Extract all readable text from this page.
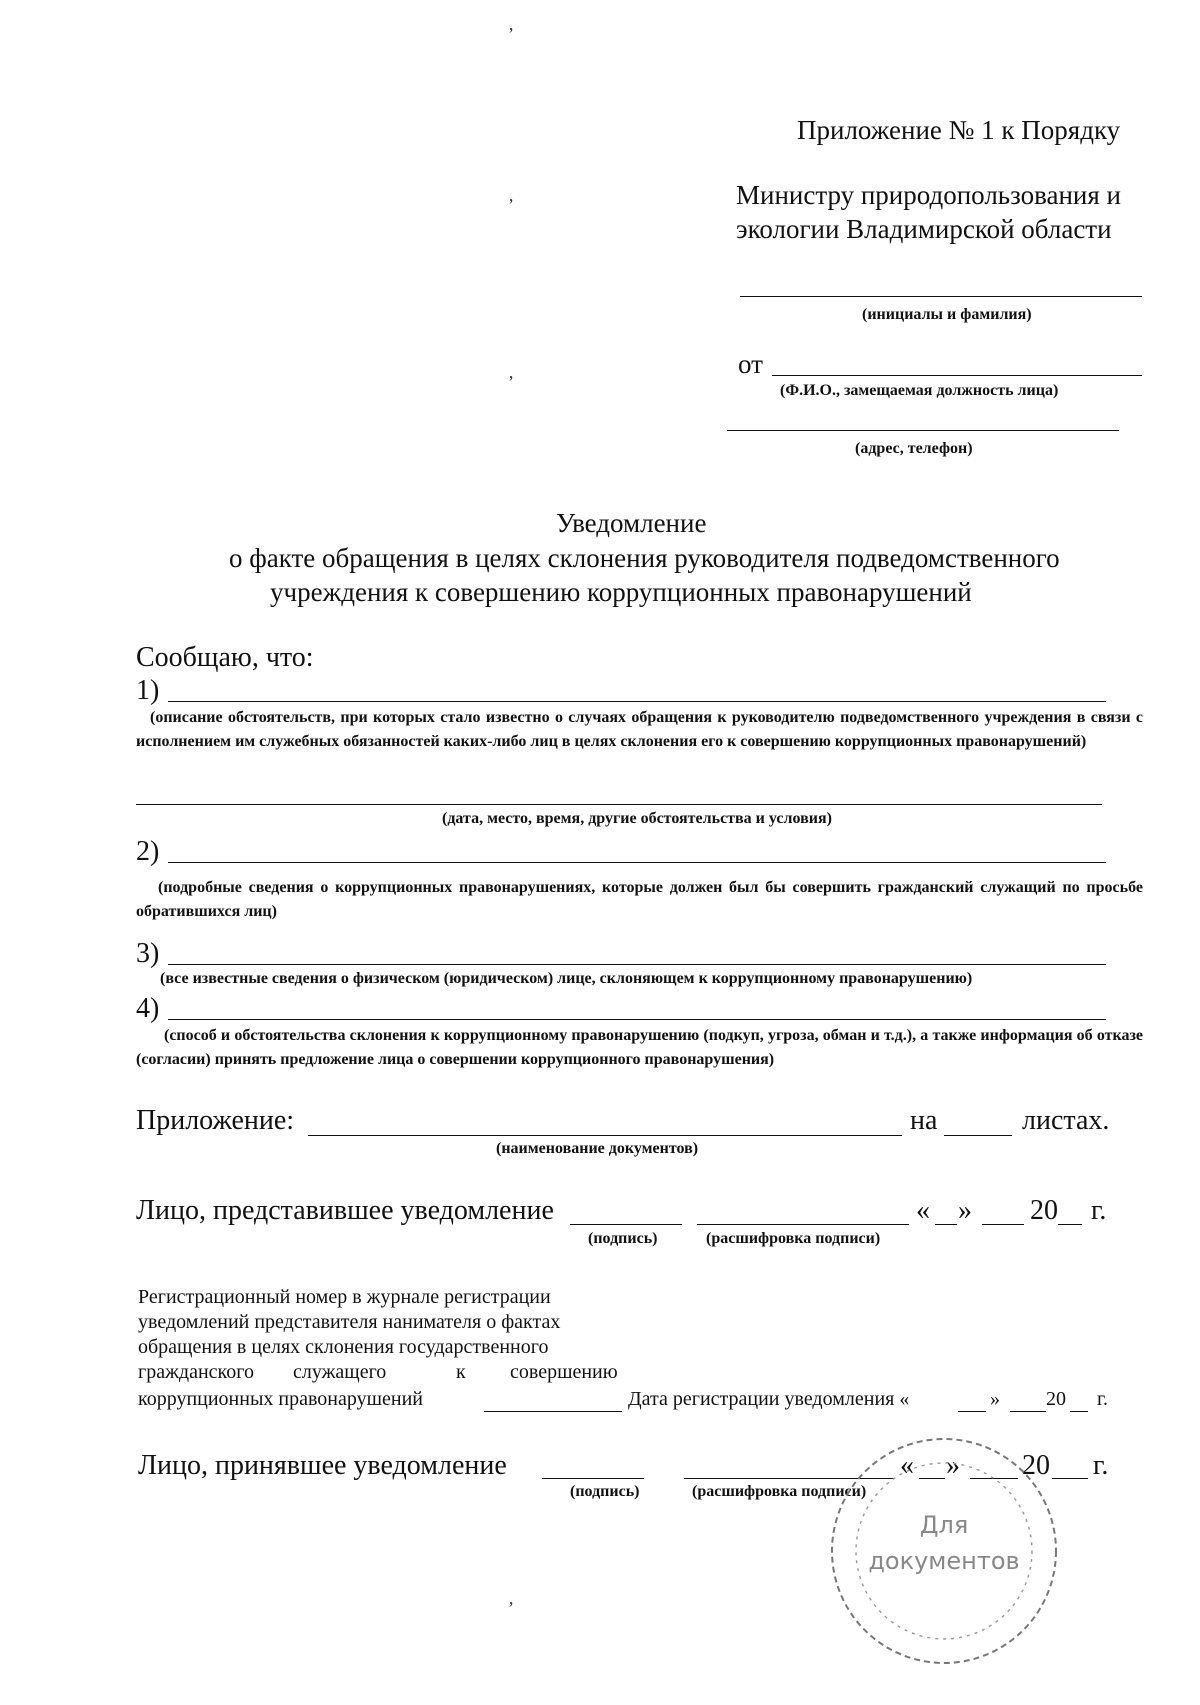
Приложение № 1 к Порядку
Министру природопользования и
экологии Владимирской области
(инициалы и фамилия)
от
(Ф.И.О., замещаемая должность лица)
(адрес, телефон)
Уведомление
о факте обращения в целях склонения руководителя подведомственного
учреждения к совершению коррупционных правонарушений
Сообщаю, что:
1)
(описание обстоятельств, при которых стало известно о случаях обращения к руководителю подведомственного учреждения в связи с исполнением им служебных обязанностей каких-либо лиц в целях склонения его к совершению коррупционных правонарушений)
(дата, место, время, другие обстоятельства и условия)
2)
(подробные сведения о коррупционных правонарушениях, которые должен был бы совершить гражданский служащий по просьбе обратившихся лиц)
3)
(все известные сведения о физическом (юридическом) лице, склоняющем к коррупционному правонарушению)
4)
(способ и обстоятельства склонения к коррупционному правонарушению (подкуп, угроза, обман и т.д.), а также информация об отказе (согласии) принять предложение лица о совершении коррупционного правонарушения)
Приложение:	на	листах.
(наименование документов)
Лицо, представившее уведомление	« » 20 г.
(подпись)	(расшифровка подписи)
Регистрационный номер в журнале регистрации
уведомлений представителя нанимателя о фактах
обращения в целях склонения государственного
гражданского служащего	к совершению
коррупционных правонарушений	Дата регистрации уведомления «	» 20 г.
Лицо, принявшее уведомление	« » 20 г.
(подпись)	(расшифровка подписи)
Для
документов
ʼ
ʼ
ʼ
ʼ
